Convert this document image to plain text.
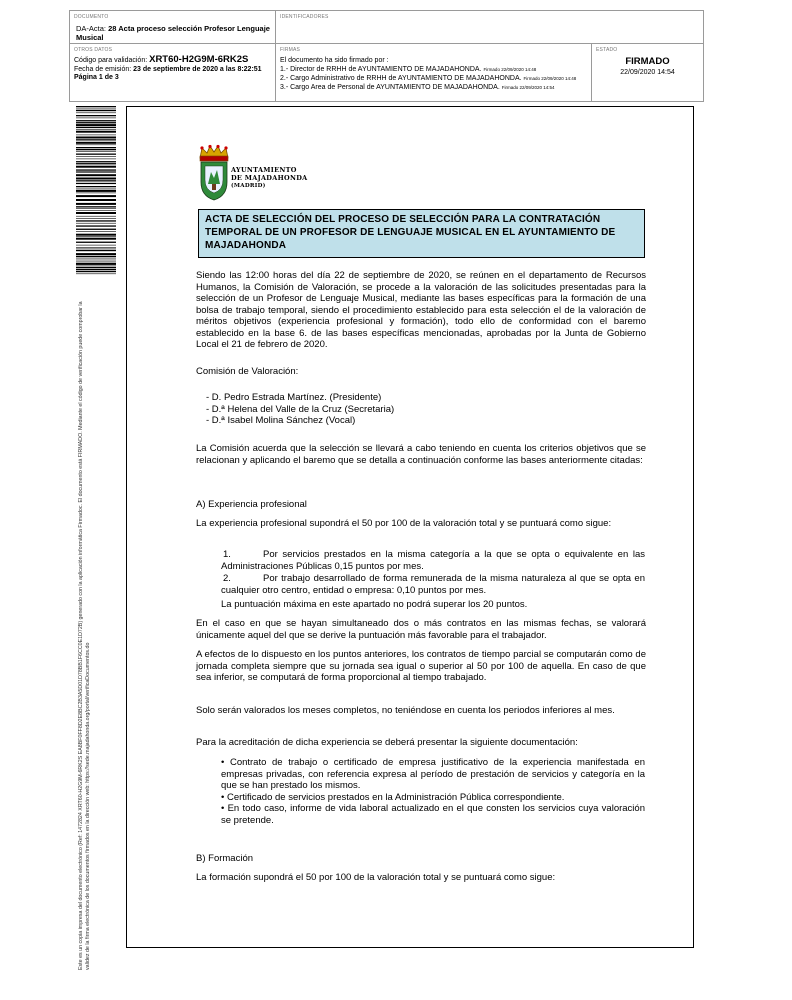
DOCUMENTO
DA-Acta: 28 Acta proceso selección Profesor Lenguaje Musical
IDENTIFICADORES
OTROS DATOS
Código para validación: XRT60-H2G9M-6RK2S
Fecha de emisión: 23 de septiembre de 2020 a las 8:22:51
Página 1 de 3
FIRMAS
El documento ha sido firmado por :
1.- Director de RRHH de AYUNTAMIENTO DE MAJADAHONDA. Firmado 22/09/2020 14:48
2.- Cargo Administrativo de RRHH de AYUNTAMIENTO DE MAJADAHONDA. Firmado 22/09/2020 14:48
3.- Cargo Area de Personal de AYUNTAMIENTO DE MAJADAHONDA. Firmado 22/09/2020 14:54
ESTADO
FIRMADO
22/09/2020 14:54
Este es un copia impresa del documento electrónico (Ref: 1472824 XRT60-H2G9M-6RK2S EA8BF0FF8D2E8BC2B3A5D01D78BB1F6CC0E1D72B) generado con la aplicación informática Firmadoc. El documento está FIRMADO. Mediante el código de verificación puede comprobar la validez de la firma electrónica de los documentos firmados en la dirección web: https://sede.majadahonda.org/portal/verificaDocumentos.do
AYUNTAMIENTO
DE MAJADAHONDA
(MADRID)
ACTA DE SELECCIÓN DEL PROCESO DE SELECCIÓN PARA LA CONTRATACIÓN TEMPORAL DE UN PROFESOR DE LENGUAJE MUSICAL EN EL AYUNTAMIENTO DE MAJADAHONDA
Siendo las 12:00 horas del día 22 de septiembre de 2020, se reúnen en el departamento de Recursos Humanos, la Comisión de Valoración, se procede a la valoración de las solicitudes presentadas para la selección de un Profesor de Lenguaje Musical, mediante las bases específicas para la formación de una bolsa de trabajo temporal, siendo el procedimiento establecido para esta selección el de la valoración de méritos objetivos (experiencia profesional y formación), todo ello de conformidad con el baremo establecido en la base 6. de las bases específicas mencionadas, aprobadas por la Junta de Gobierno Local el 21 de febrero de 2020.
Comisión de Valoración:
- D. Pedro Estrada Martínez. (Presidente)
- D.ª Helena del Valle de la Cruz (Secretaria)
- D.ª Isabel Molina Sánchez (Vocal)
La Comisión acuerda que la selección se llevará a cabo teniendo en cuenta los criterios objetivos que se relacionan y aplicando el baremo que se detalla a continuación conforme las bases anteriormente citadas:
A) Experiencia profesional
La experiencia profesional supondrá el 50 por 100 de la valoración total y se puntuará como sigue:
1.	Por servicios prestados en la misma categoría a la que se opta o equivalente en las Administraciones Públicas 0,15 puntos por mes.
2.	Por trabajo desarrollado de forma remunerada de la misma naturaleza al que se opta en cualquier otro centro, entidad o empresa: 0,10 puntos por mes.
La puntuación máxima en este apartado no podrá superar los 20 puntos.
En el caso en que se hayan simultaneado dos o más contratos en las mismas fechas, se valorará únicamente aquel del que se derive la puntuación más favorable para el trabajador.
A efectos de lo dispuesto en los puntos anteriores, los contratos de tiempo parcial se computarán como de jornada completa siempre que su jornada sea igual o superior al 50 por 100 de aquella. En caso de que sea inferior, se computará de forma proporcional al tiempo trabajado.
Solo serán valorados los meses completos, no teniéndose en cuenta los periodos inferiores al mes.
Para la acreditación de dicha experiencia se deberá presentar la siguiente documentación:
• Contrato de trabajo o certificado de empresa justificativo de la experiencia manifestada en empresas privadas, con referencia expresa al período de prestación de servicios y categoría en la que se han prestado los mismos.
• Certificado de servicios prestados en la Administración Pública correspondiente.
• En todo caso, informe de vida laboral actualizado en el que consten los servicios cuya valoración se pretende.
B) Formación
La formación supondrá el 50 por 100 de la valoración total y se puntuará como sigue:
